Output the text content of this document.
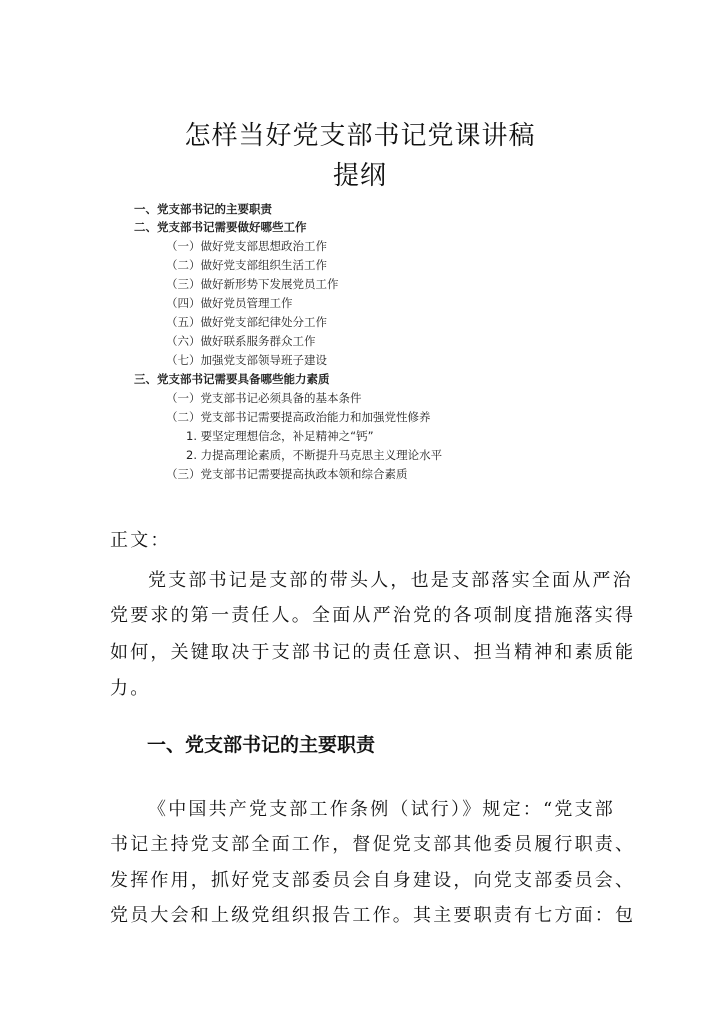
怎样当好党支部书记党课讲稿
提纲
一、党支部书记的主要职责
二、党支部书记需要做好哪些工作
（一）做好党支部思想政治工作
（二）做好党支部组织生活工作
（三）做好新形势下发展党员工作
（四）做好党员管理工作
（五）做好党支部纪律处分工作
（六）做好联系服务群众工作
（七）加强党支部领导班子建设
三、党支部书记需要具备哪些能力素质
（一）党支部书记必须具备的基本条件
（二）党支部书记需要提高政治能力和加强党性修养
1. 要坚定理想信念，补足精神之“钙”
2. 力提高理论素质，不断提升马克思主义理论水平
（三）党支部书记需要提高执政本领和综合素质
正文：
党支部书记是支部的带头人，也是支部落实全面从严治
党要求的第一责任人。全面从严治党的各项制度措施落实得
如何，关键取决于支部书记的责任意识、担当精神和素质能
力。
《中国共产党支部工作条例（试行）》规定：“党支部
书记主持党支部全面工作，督促党支部其他委员履行职责、
发挥作用，抓好党支部委员会自身建设，向党支部委员会、
党员大会和上级党组织报告工作。其主要职责有七方面：包
一、党支部书记的主要职责
